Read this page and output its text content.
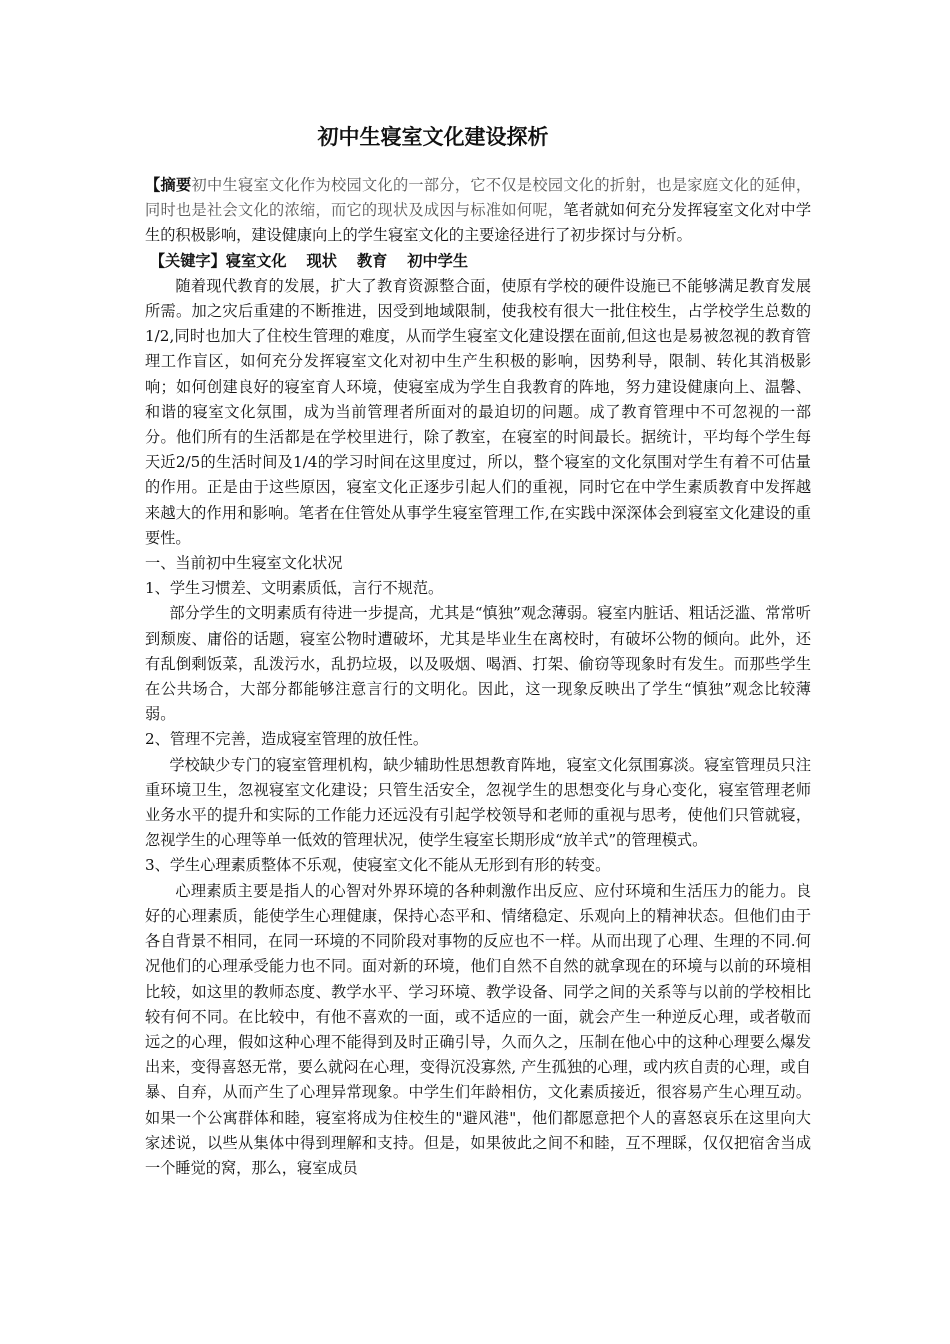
初中生寝室文化建设探析

【摘要初中生寝室文化作为校园文化的一部分，它不仅是校园文化的折射，也是家庭文化的延伸，同时也是社会文化的浓缩，而它的现状及成因与标准如何呢，笔者就如何充分发挥寝室文化对中学生的积极影响，建设健康向上的学生寝室文化的主要途径进行了初步探讨与分析。

【关键字】寝室文化 现状 教育 初中学生

随着现代教育的发展，扩大了教育资源整合面，使原有学校的硬件设施已不能够满足教育发展所需。加之灾后重建的不断推进，因受到地域限制，使我校有很大一批住校生，占学校学生总数的1/2,同时也加大了住校生管理的难度，从而学生寝室文化建设摆在面前,但这也是易被忽视的教育管理工作盲区，如何充分发挥寝室文化对初中生产生积极的影响，因势利导，限制、转化其消极影响；如何创建良好的寝室育人环境，使寝室成为学生自我教育的阵地，努力建设健康向上、温馨、和谐的寝室文化氛围，成为当前管理者所面对的最迫切的问题。成了教育管理中不可忽视的一部分。他们所有的生活都是在学校里进行，除了教室，在寝室的时间最长。据统计，平均每个学生每天近2/5的生活时间及1/4的学习时间在这里度过，所以，整个寝室的文化氛围对学生有着不可估量的作用。正是由于这些原因，寝室文化正逐步引起人们的重视，同时它在中学生素质教育中发挥越来越大的作用和影响。笔者在住管处从事学生寝室管理工作,在实践中深深体会到寝室文化建设的重要性。

一、当前初中生寝室文化状况

1、学生习惯差、文明素质低，言行不规范。

部分学生的文明素质有待进一步提高，尤其是“慎独”观念薄弱。寝室内脏话、粗话泛滥、常常听到颓废、庸俗的话题，寝室公物时遭破坏，尤其是毕业生在离校时，有破坏公物的倾向。此外，还有乱倒剩饭菜，乱泼污水，乱扔垃圾，以及吸烟、喝酒、打架、偷窃等现象时有发生。而那些学生在公共场合，大部分都能够注意言行的文明化。因此，这一现象反映出了学生“慎独”观念比较薄弱。

2、管理不完善，造成寝室管理的放任性。

学校缺少专门的寝室管理机构，缺少辅助性思想教育阵地，寝室文化氛围寡淡。寝室管理员只注重环境卫生，忽视寝室文化建设；只管生活安全，忽视学生的思想变化与身心变化，寝室管理老师业务水平的提升和实际的工作能力还远没有引起学校领导和老师的重视与思考，使他们只管就寝，忽视学生的心理等单一低效的管理状况，使学生寝室长期形成“放羊式”的管理模式。

3、学生心理素质整体不乐观，使寝室文化不能从无形到有形的转变。

心理素质主要是指人的心智对外界环境的各种刺激作出反应、应付环境和生活压力的能力。良好的心理素质，能使学生心理健康，保持心态平和、情绪稳定、乐观向上的精神状态。但他们由于各自背景不相同，在同一环境的不同阶段对事物的反应也不一样。从而出现了心理、生理的不同.何况他们的心理承受能力也不同。面对新的环境，他们自然不自然的就拿现在的环境与以前的环境相比较，如这里的教师态度、教学水平、学习环境、教学设备、同学之间的关系等与以前的学校相比较有何不同。在比较中，有他不喜欢的一面，或不适应的一面，就会产生一种逆反心理，或者敬而远之的心理，假如这种心理不能得到及时正确引导，久而久之，压制在他心中的这种心理要么爆发出来，变得喜怒无常，要么就闷在心理，变得沉没寡然, 产生孤独的心理，或内疚自责的心理，或自暴、自弃，从而产生了心理异常现象。中学生们年龄相仿，文化素质接近，很容易产生心理互动。如果一个公寓群体和睦，寝室将成为住校生的"避风港"，他们都愿意把个人的喜怒哀乐在这里向大家述说，以些从集体中得到理解和支持。但是，如果彼此之间不和睦，互不理睬，仅仅把宿舍当成一个睡觉的窝，那么，寝室成员
